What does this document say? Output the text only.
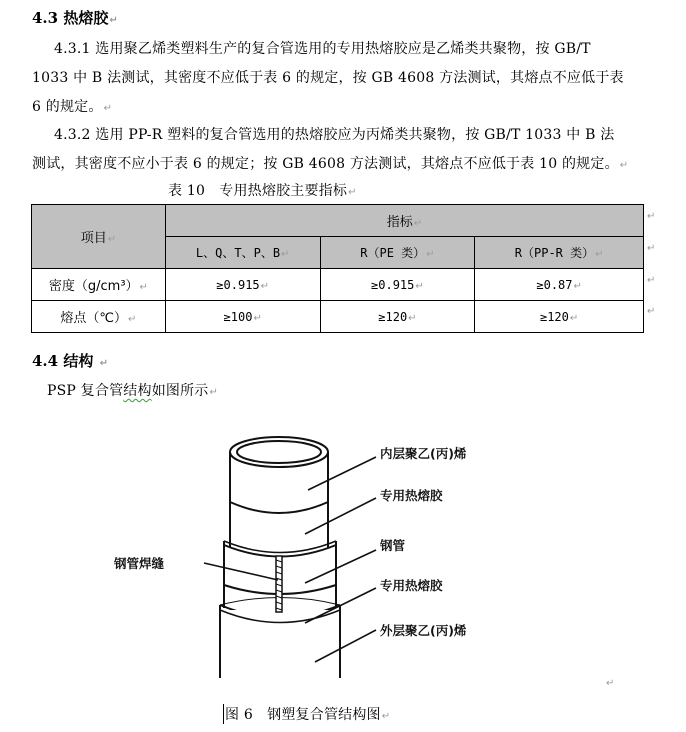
4.3 热熔胶↵
4.3.1 选用聚乙烯类塑料生产的复合管选用的专用热熔胶应是乙烯类共聚物，按 GB/T
1033 中 B 法测试，其密度不应低于表 6 的规定，按 GB 4608 方法测试，其熔点不应低于表
6 的规定。↵
4.3.2 选用 PP-R 塑料的复合管选用的热熔胶应为丙烯类共聚物，按 GB/T 1033 中 B 法
测试，其密度不应小于表 6 的规定；按 GB 4608 方法测试，其熔点不应低于表 10 的规定。↵
表 10　专用热熔胶主要指标↵
项目↵	指标↵		
	L、Q、T、P、B↵	R（PE 类）↵	R（PP-R 类）↵
密度（g/cm³）↵	≥0.915↵	≥0.915↵	≥0.87↵
熔点（℃）↵	≥100↵	≥120↵	≥120↵
↵
↵
↵
↵
4.4 结构 ↵
PSP 复合管结构如图所示↵
内层聚乙(丙)烯
专用热熔胶
钢管
专用热熔胶
外层聚乙(丙)烯
钢管焊缝
↵
图 6　钢塑复合管结构图↵
